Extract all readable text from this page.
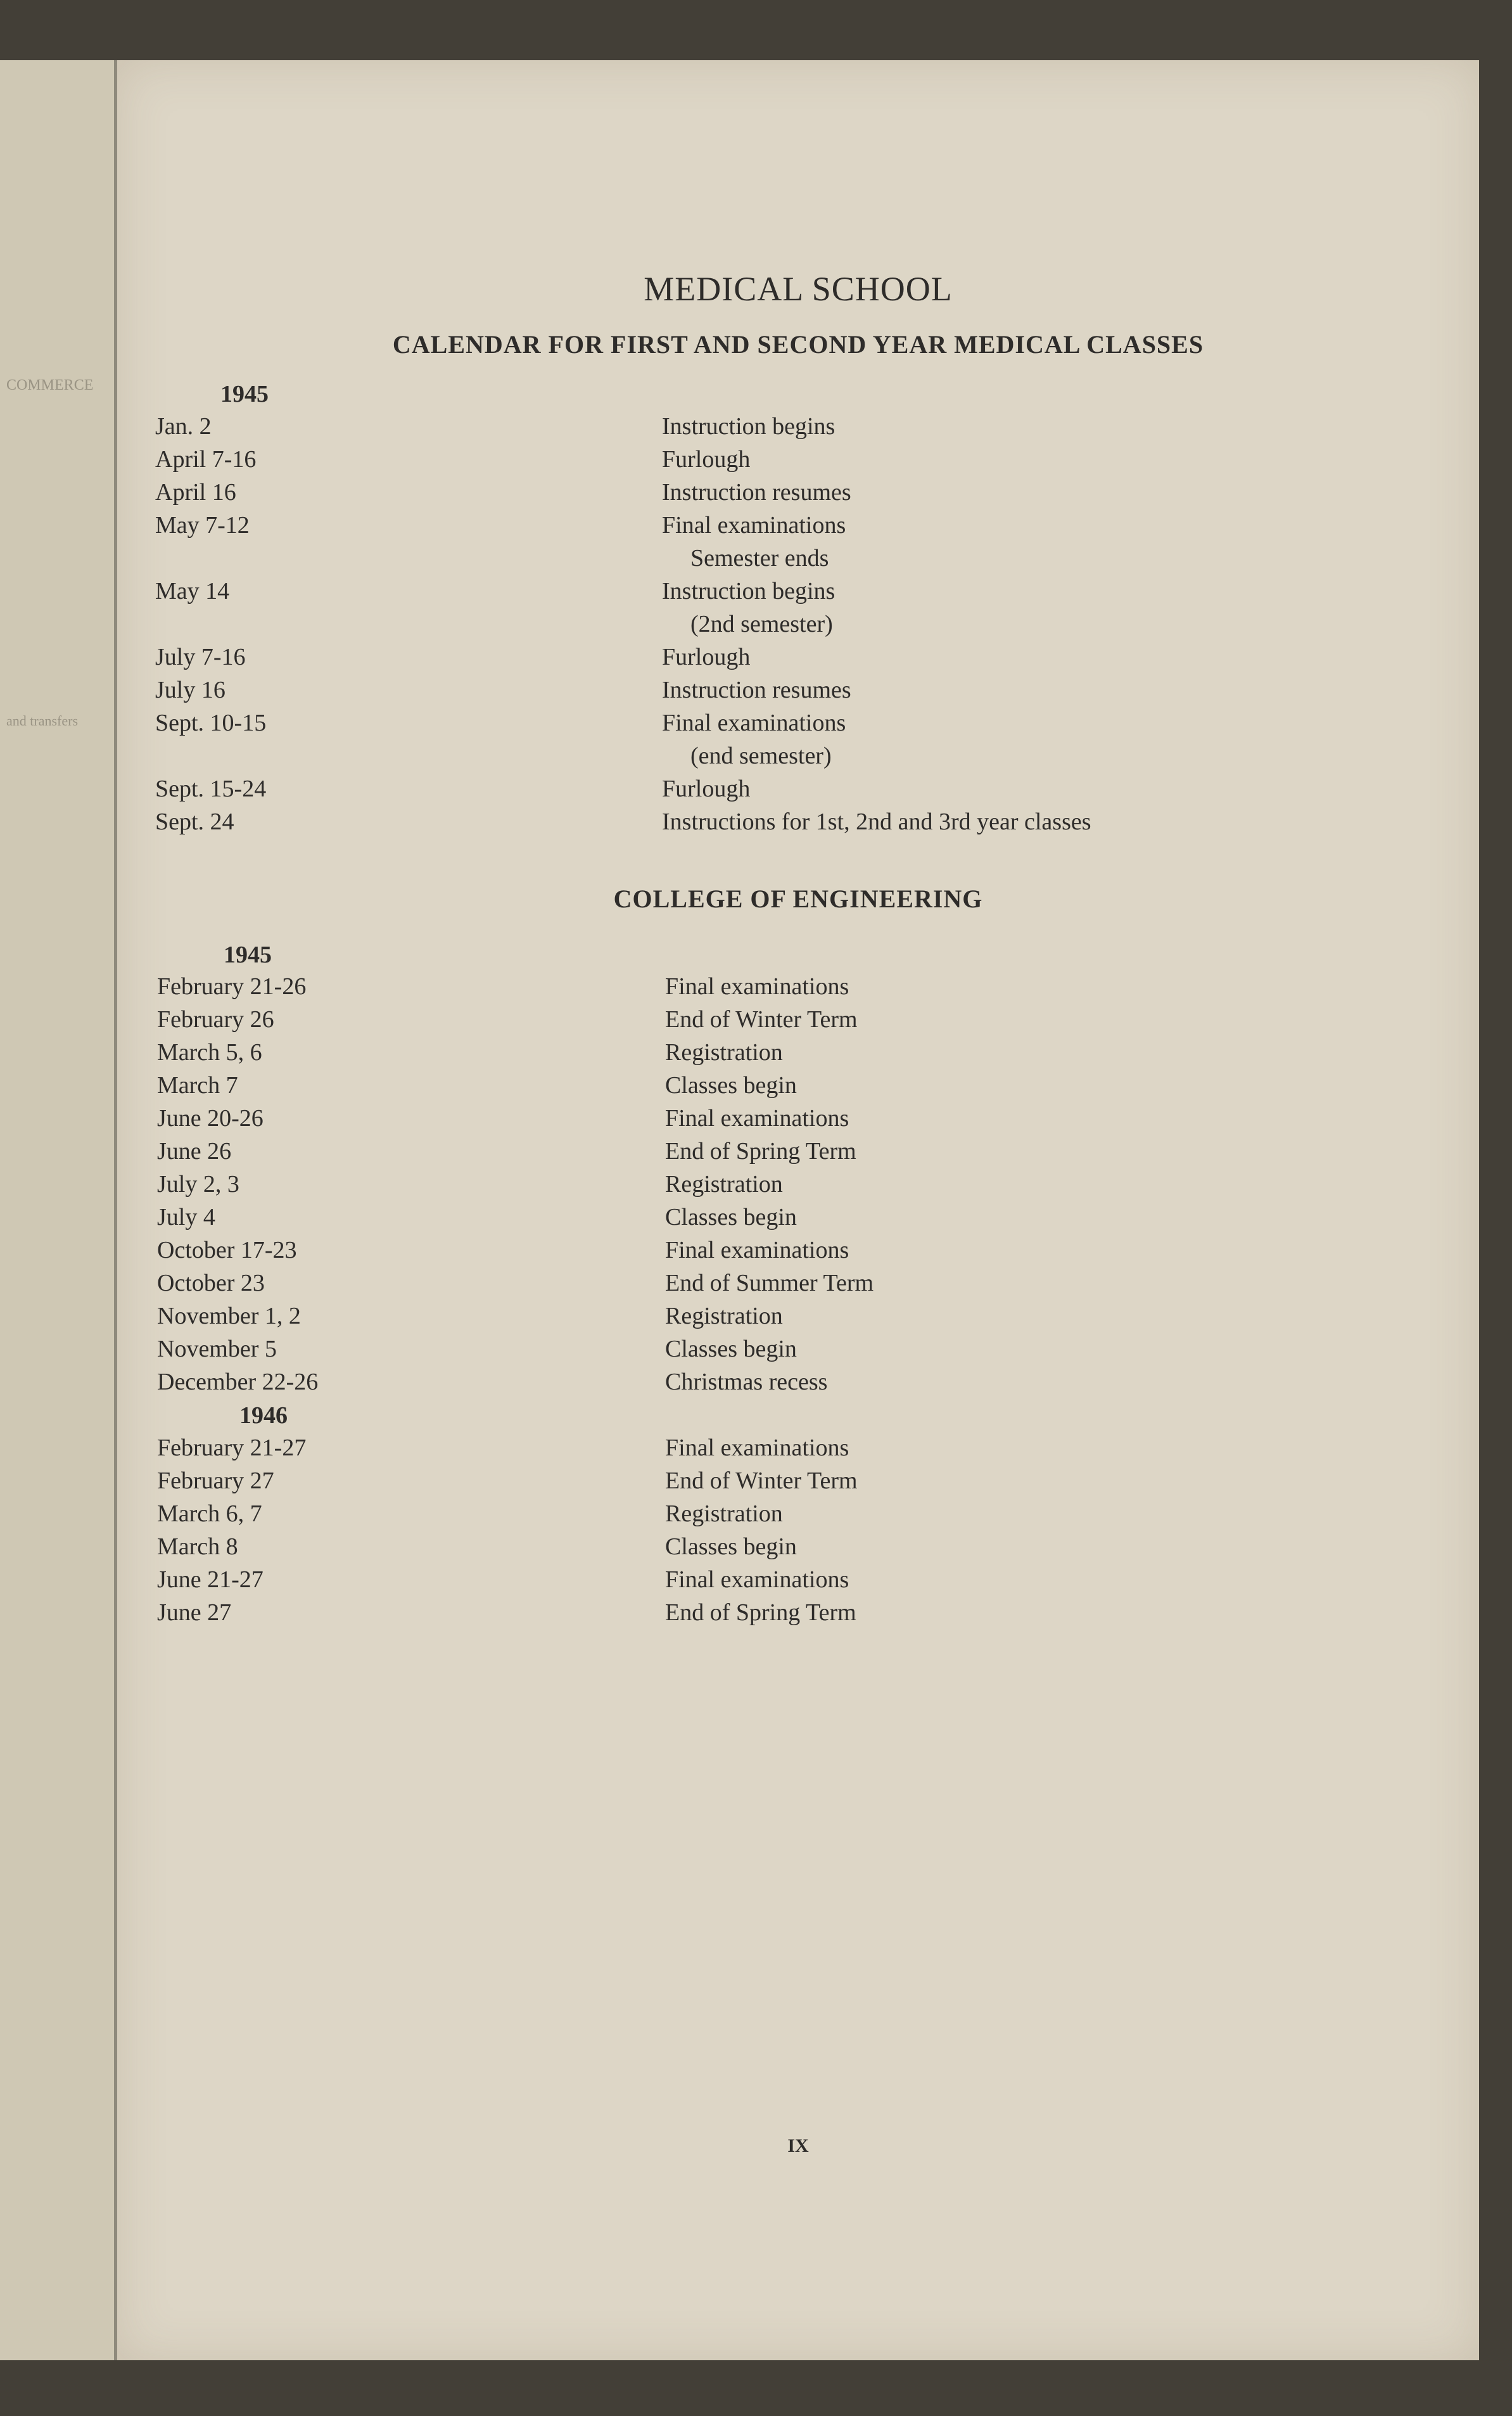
COMMERCE
and transfers
MEDICAL SCHOOL
CALENDAR FOR FIRST AND SECOND YEAR MEDICAL CLASSES
1945
Jan. 2	Instruction begins
April 7-16	Furlough
April 16	Instruction resumes
May 7-12	Final examinations
Semester ends
May 14	Instruction begins
(2nd semester)
July 7-16	Furlough
July 16	Instruction resumes
Sept. 10-15	Final examinations
(end semester)
Sept. 15-24	Furlough
Sept. 24	Instructions for 1st, 2nd and 3rd year classes
COLLEGE OF ENGINEERING
1945
February 21-26	Final examinations
February 26	End of Winter Term
March 5, 6	Registration
March 7	Classes begin
June 20-26	Final examinations
June 26	End of Spring Term
July 2, 3	Registration
July 4	Classes begin
October 17-23	Final examinations
October 23	End of Summer Term
November 1, 2	Registration
November 5	Classes begin
December 22-26	Christmas recess
1946
February 21-27	Final examinations
February 27	End of Winter Term
March 6, 7	Registration
March 8	Classes begin
June 21-27	Final examinations
June 27	End of Spring Term
IX
